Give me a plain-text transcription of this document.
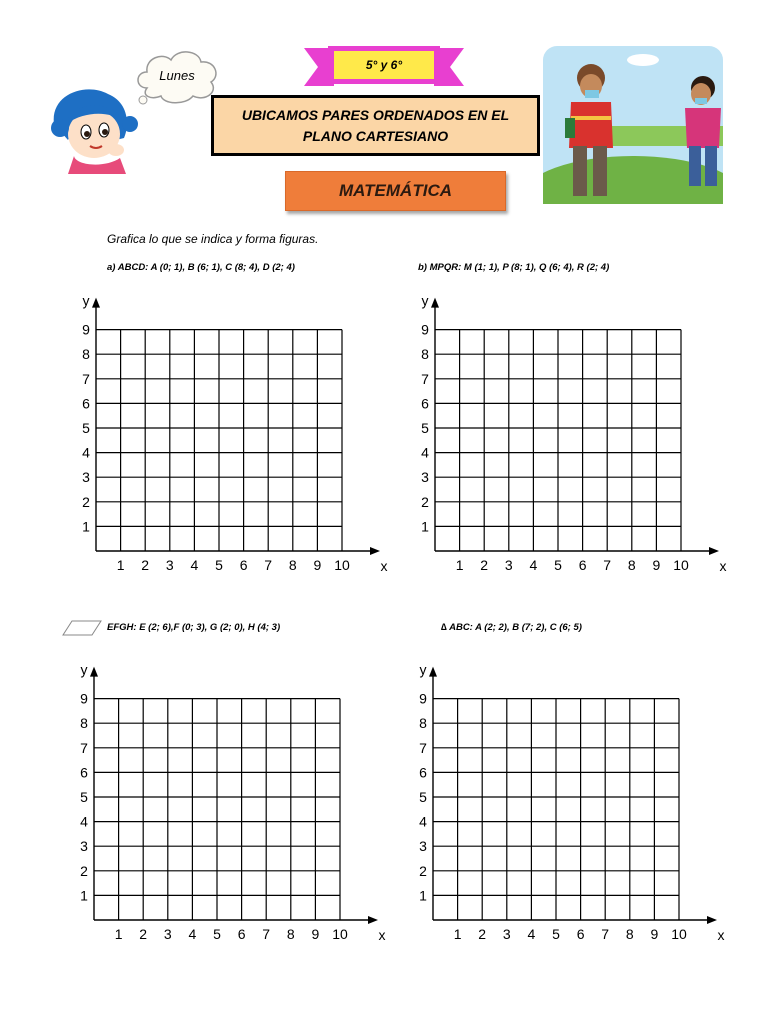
Lunes
5° y 6°
UBICAMOS PARES ORDENADOS EN EL PLANO CARTESIANO
MATEMÁTICA
Grafica lo que se indica y forma figuras.
a) ABCD: A (0; 1), B (6; 1), C (8; 4), D (2; 4)	b) MPQR: M (1; 1), P (8; 1), Q (6; 4), R (2; 4)
EFGH: E (2; 6),F (0; 3), G (2; 0), H (4; 3)	∆ ABC: A (2; 2), B (7; 2), C (6; 5)
1 2 3 4 5 6 7 8 9 10
1
2
3
4
5
6
7
8
9
x
y
1 2 3 4 5 6 7 8 9 10
1
2
3
4
5
6
7
8
9
x
y
1 2 3 4 5 6 7 8 9 10
1
2
3
4
5
6
7
8
9
x
y
1 2 3 4 5 6 7 8 9 10
1
2
3
4
5
6
7
8
9
x
y
